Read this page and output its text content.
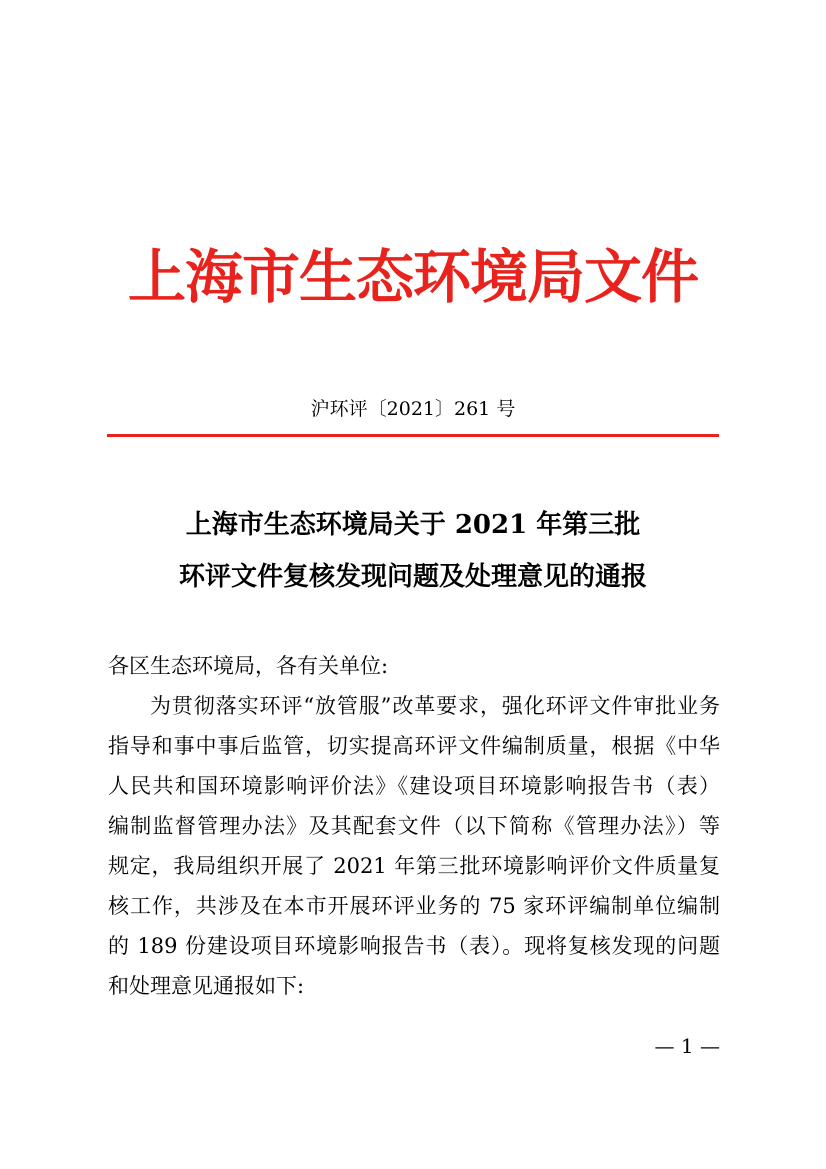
上海市生态环境局文件
沪环评〔2021〕261 号
上海市生态环境局关于 2021 年第三批
环评文件复核发现问题及处理意见的通报
各区生态环境局，各有关单位:
为贯彻落实环评“放管服”改革要求，强化环评文件审批业务
指导和事中事后监管，切实提高环评文件编制质量，根据《中华
人民共和国环境影响评价法》《建设项目环境影响报告书（表）
编制监督管理办法》及其配套文件（以下简称《管理办法》）等
规定，我局组织开展了 2021 年第三批环境影响评价文件质量复
核工作，共涉及在本市开展环评业务的 75 家环评编制单位编制
的 189 份建设项目环境影响报告书（表）。现将复核发现的问题
和处理意见通报如下:
— 1 —
